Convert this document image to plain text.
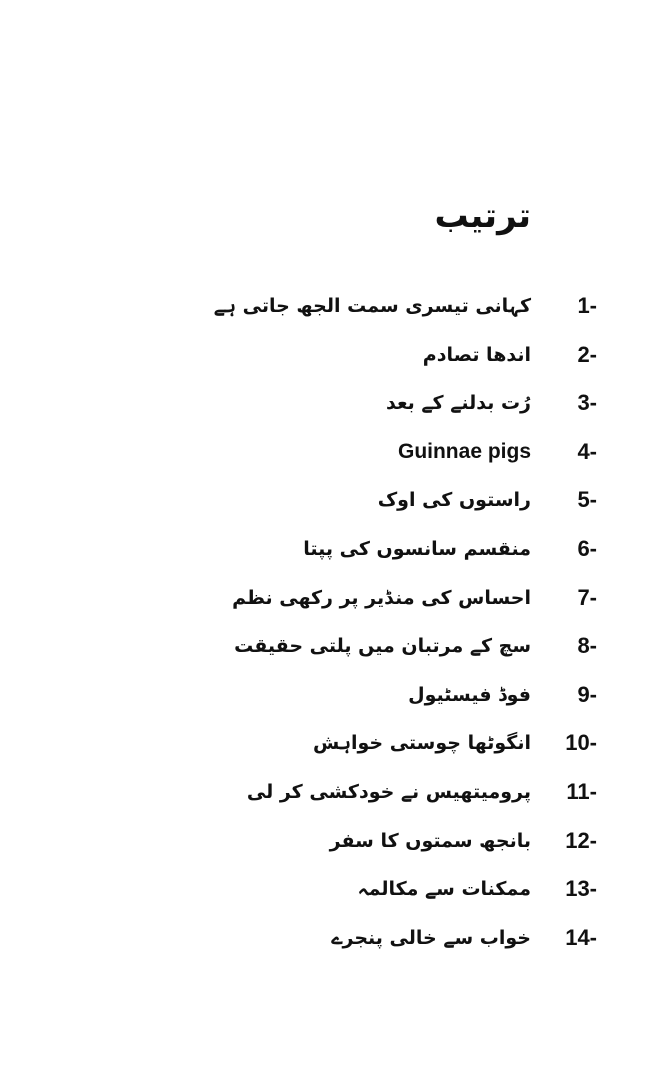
ترتیب
1-
کہانی تیسری سمت الجھ جاتی ہے
2-
اندھا تصادم
3-
رُت بدلنے کے بعد
4-
Guinnae pigs
5-
راستوں کی اوک
6-
منقسم سانسوں کی پپتا
7-
احساس کی منڈیر پر رکھی نظم
8-
سچ کے مرتبان میں پلتی حقیقت
9-
فوڈ فیسٹیول
10-
انگوٹھا چوستی خواہش
11-
پرومیتھیس نے خودکشی کر لی
12-
بانجھ سمتوں کا سفر
13-
ممکنات سے مکالمہ
14-
خواب سے خالی پنجرے
